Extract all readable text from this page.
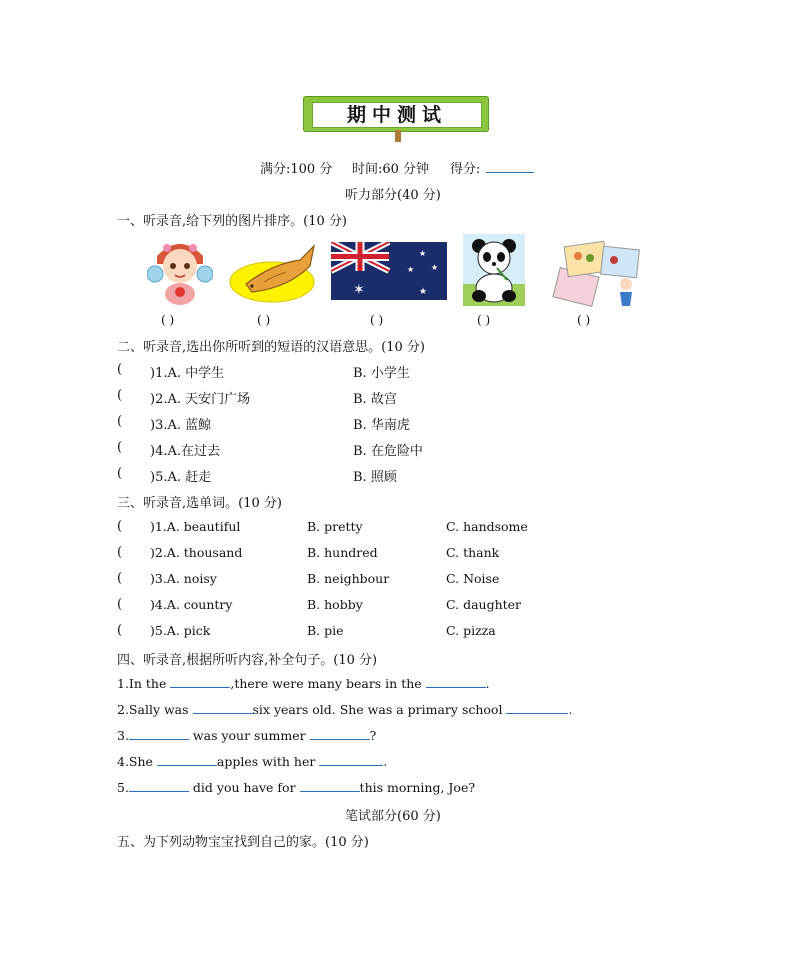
期中测试
满分:100 分 时间:60 分钟 得分:
听力部分(40 分)
一、听录音,给下列的图片排序。(10 分)
( )	( )
✶
★
★ ★
★
( )	( )	( )
二、听录音,选出你所听到的短语的汉语意思。(10 分)
( )1.A. 中学生	B. 小学生
( )2.A. 天安门广场	B. 故宫
( )3.A. 蓝鲸	B. 华南虎
( )4.A.在过去	B. 在危险中
( )5.A. 赶走	B. 照顾
三、听录音,选单词。(10 分)
( )1.A. beautiful	B. pretty	C. handsome
( )2.A. thousand	B. hundred	C. thank
( )3.A. noisy	B. neighbour	C. Noise
( )4.A. country	B. hobby	C. daughter
( )5.A. pick	B. pie	C. pizza
四、听录音,根据所听内容,补全句子。(10 分)
1.In the	,there were many bears in the	.
2.Sally was	six years old. She was a primary school	.
3.	was your summer	?
4.She	apples with her	.
5.	did you have for	this morning, Joe?
笔试部分(60 分)
五、为下列动物宝宝找到自己的家。(10 分)
